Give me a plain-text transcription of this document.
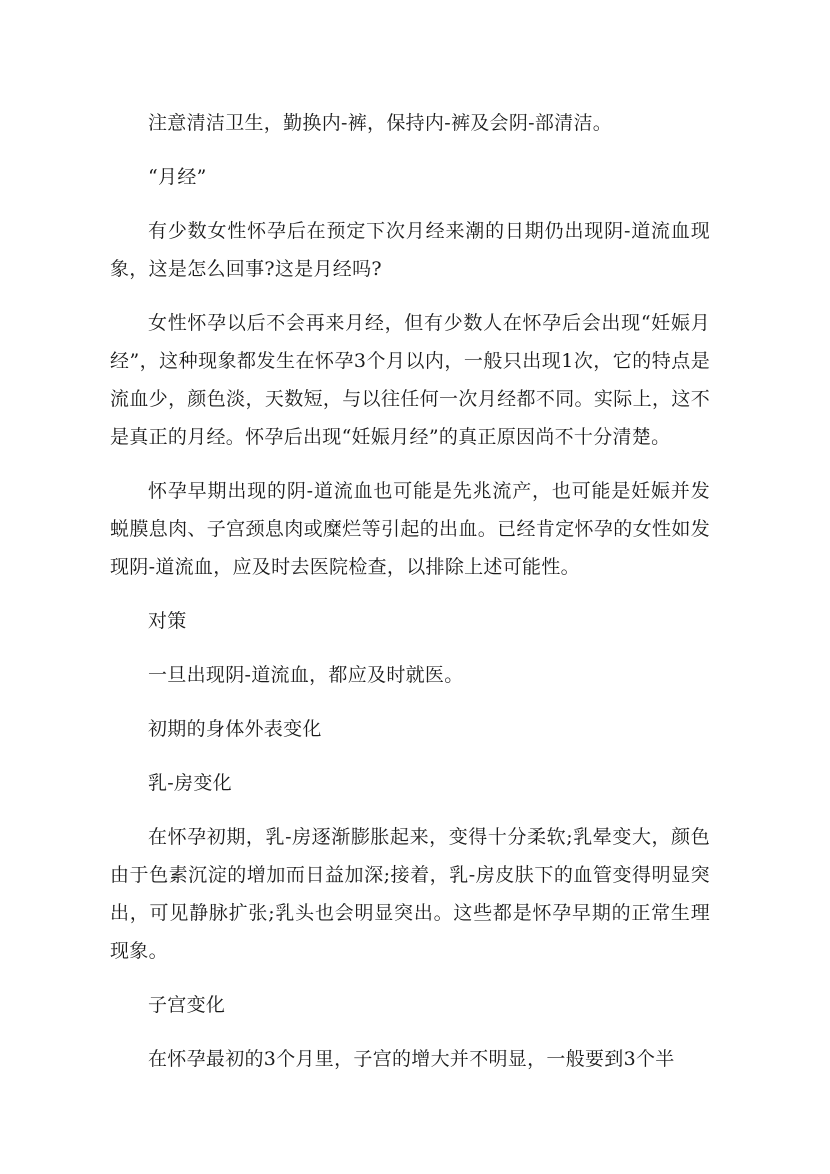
注意清洁卫生，勤换内-裤，保持内-裤及会阴-部清洁。

“月经”

有少数女性怀孕后在预定下次月经来潮的日期仍出现阴-道流血现象，这是怎么回事?这是月经吗?

女性怀孕以后不会再来月经，但有少数人在怀孕后会出现“妊娠月经”，这种现象都发生在怀孕3个月以内，一般只出现1次，它的特点是流血少，颜色淡，天数短，与以往任何一次月经都不同。实际上，这不是真正的月经。怀孕后出现“妊娠月经”的真正原因尚不十分清楚。

怀孕早期出现的阴-道流血也可能是先兆流产，也可能是妊娠并发蜕膜息肉、子宫颈息肉或糜烂等引起的出血。已经肯定怀孕的女性如发现阴-道流血，应及时去医院检查，以排除上述可能性。

对策

一旦出现阴-道流血，都应及时就医。

初期的身体外表变化

乳-房变化

在怀孕初期，乳-房逐渐膨胀起来，变得十分柔软;乳晕变大，颜色由于色素沉淀的增加而日益加深;接着，乳-房皮肤下的血管变得明显突出，可见静脉扩张;乳头也会明显突出。这些都是怀孕早期的正常生理现象。

子宫变化

在怀孕最初的3个月里，子宫的增大并不明显，一般要到3个半
